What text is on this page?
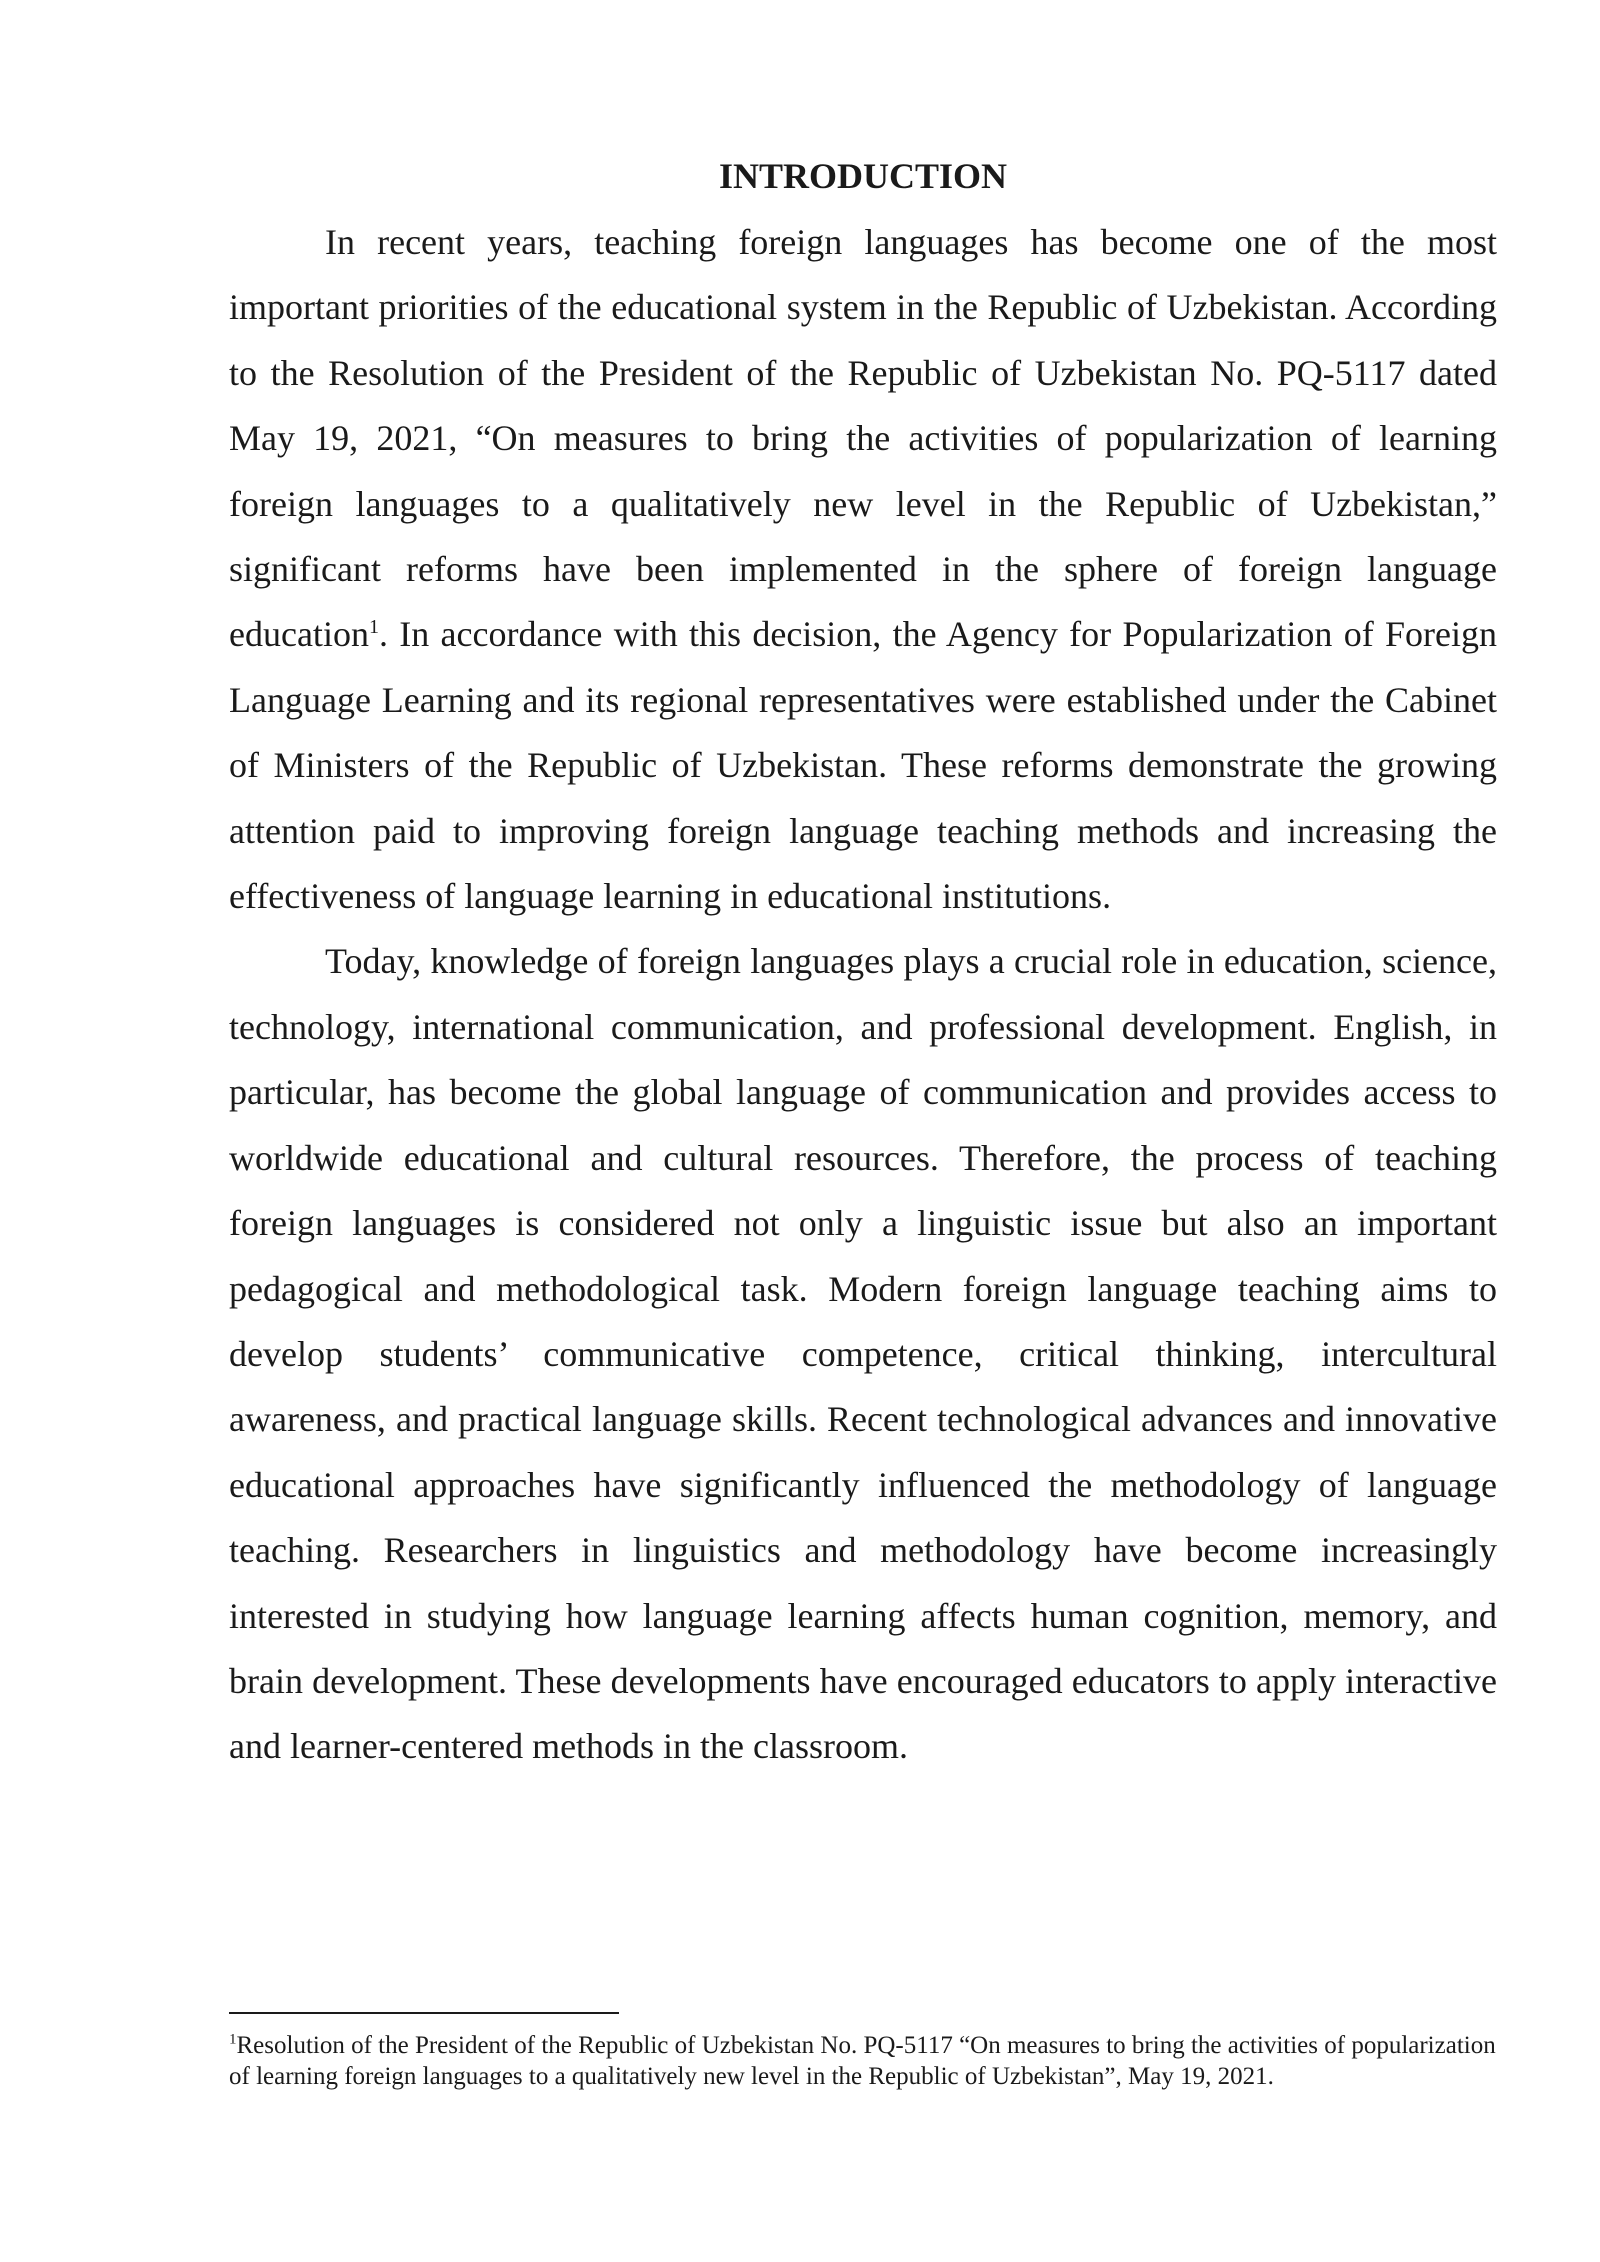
INTRODUCTION

In recent years, teaching foreign languages has become one of the most important priorities of the educational system in the Republic of Uzbekistan. According to the Resolution of the President of the Republic of Uzbekistan No. PQ-5117 dated May 19, 2021, “On measures to bring the activities of popularization of learning foreign languages to a qualitatively new level in the Republic of Uzbekistan,” significant reforms have been implemented in the sphere of foreign language education$^1$. In accordance with this decision, the Agency for Popularization of Foreign Language Learning and its regional representatives were established under the Cabinet of Ministers of the Republic of Uzbekistan. These reforms demonstrate the growing attention paid to improving foreign language teaching methods and increasing the effectiveness of language learning in educational institutions.

Today, knowledge of foreign languages plays a crucial role in education, science, technology, international communication, and professional development. English, in particular, has become the global language of communication and provides access to worldwide educational and cultural resources. Therefore, the process of teaching foreign languages is considered not only a linguistic issue but also an important pedagogical and methodological task. Modern foreign language teaching aims to develop students’ communicative competence, critical thinking, intercultural awareness, and practical language skills. Recent technological advances and innovative educational approaches have significantly influenced the methodology of language teaching. Researchers in linguistics and methodology have become increasingly interested in studying how language learning affects human cognition, memory, and brain development. These developments have encouraged educators to apply interactive and learner-centered methods in the classroom.

$^1$Resolution of the President of the Republic of Uzbekistan No. PQ-5117 “On measures to bring the activities of popularization of learning foreign languages to a qualitatively new level in the Republic of Uzbekistan”, May 19, 2021.
